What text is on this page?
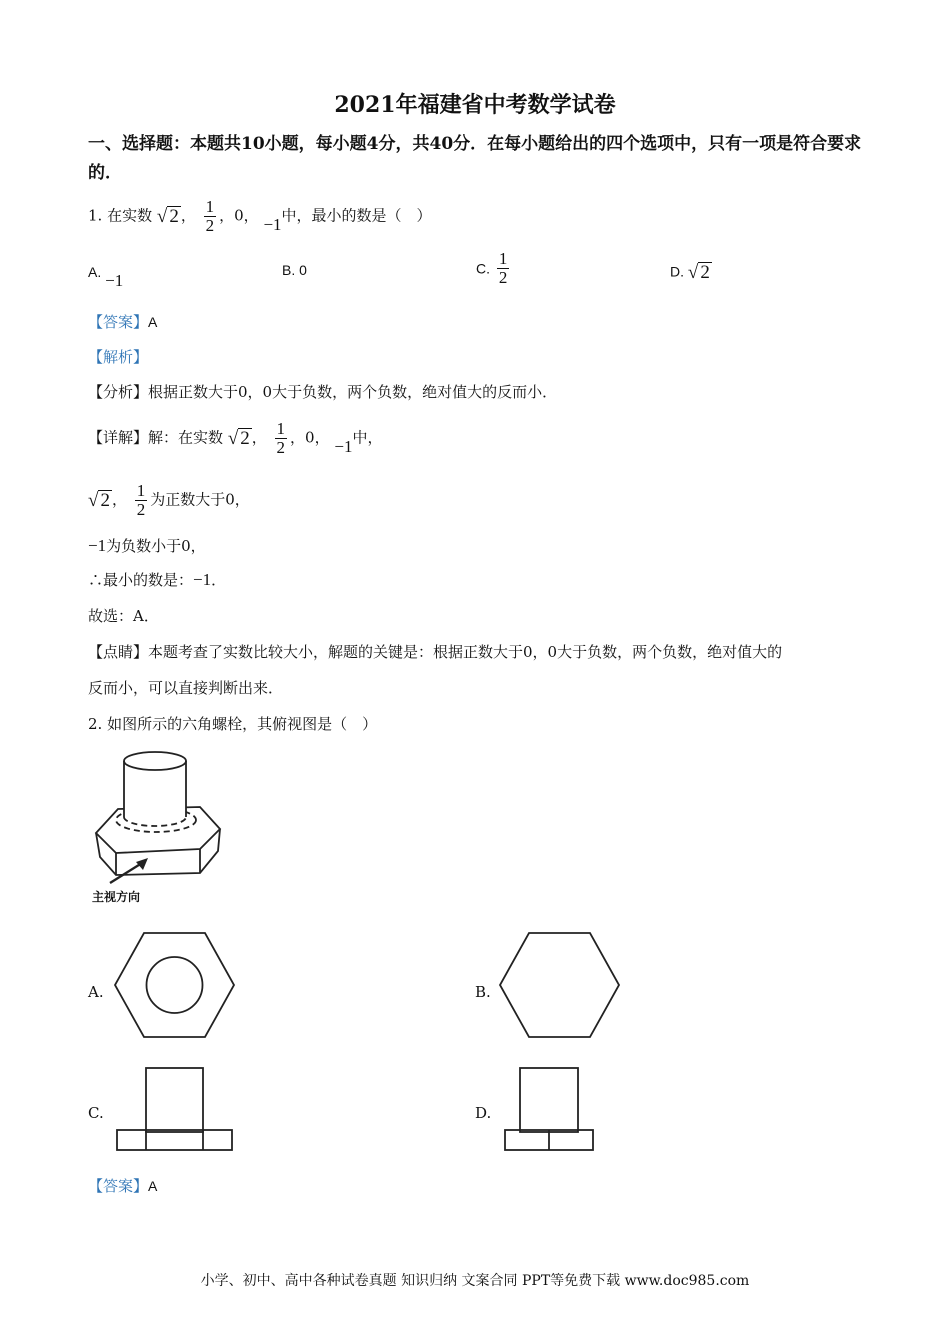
2021年福建省中考数学试卷
一、选择题：本题共10小题，每小题4分，共40分．在每小题给出的四个选项中，只有一项是符合要求的．
1. 在实数 √ 2 ， $\frac{1}{2}$ ，0， −1中，最小的数是（　）
A. −1
B. 0	C. $\frac{1}{2}$	D. √ 2
【答案】A
【解析】
【分析】根据正数大于0，0大于负数，两个负数，绝对值大的反而小．
【详解】解：在实数 √ 2 ， $\frac{1}{2}$ ，0， −1中，
√ 2 ， $\frac{1}{2}$ 为正数大于0，
−1为负数小于0，
∴最小的数是：−1．
故选：A．
【点睛】本题考查了实数比较大小，解题的关键是：根据正数大于0，0大于负数，两个负数，绝对值大的
反而小，可以直接判断出来．
2. 如图所示的六角螺栓，其俯视图是（　）
主视方向
A.	B.
C.	D.
【答案】A
小学、初中、高中各种试卷真题 知识归纳 文案合同 PPT等免费下载 www.doc985.com
